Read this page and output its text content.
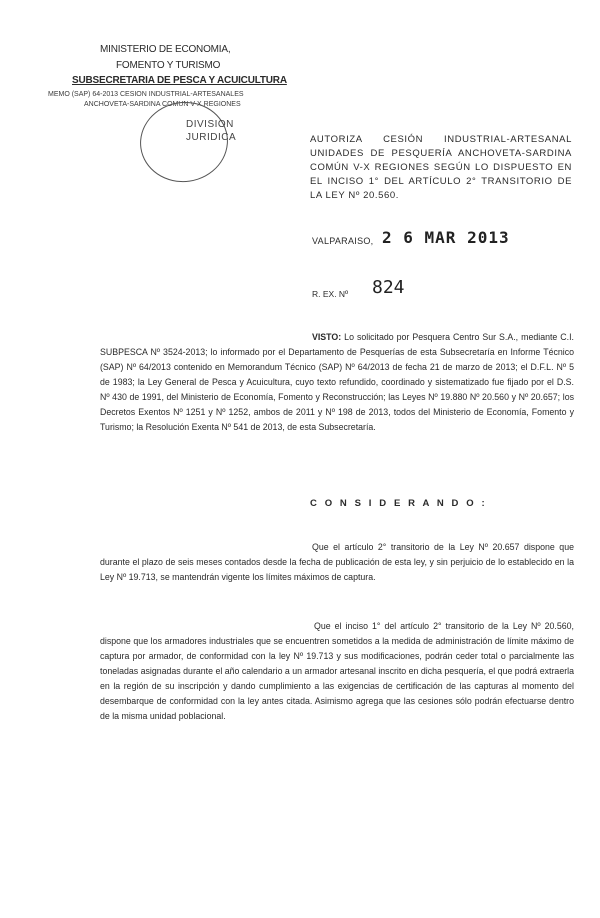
MINISTERIO DE ECONOMIA,
FOMENTO Y TURISMO
SUBSECRETARIA DE PESCA Y ACUICULTURA
MEMO (SAP) 64-2013 CESION INDUSTRIAL-ARTESANALES
ANCHOVETA-SARDINA COMUN V-X REGIONES
DIVISION
JURIDICA	AUTORIZA CESIÓN INDUSTRIAL-ARTESANAL UNIDADES DE PESQUERÍA ANCHOVETA-SARDINA COMÚN V-X REGIONES SEGÚN LO DISPUESTO EN EL INCISO 1° DEL ARTÍCULO 2° TRANSITORIO DE LA LEY Nº 20.560.
VALPARAISO, 2 6 MAR 2013
R. EX. Nº 824
VISTO: Lo solicitado por Pesquera Centro Sur S.A., mediante C.I. SUBPESCA Nº 3524-2013; lo informado por el Departamento de Pesquerías de esta Subsecretaría en Informe Técnico (SAP) Nº 64/2013 contenido en Memorandum Técnico (SAP) Nº 64/2013 de fecha 21 de marzo de 2013; el D.F.L. Nº 5 de 1983; la Ley General de Pesca y Acuicultura, cuyo texto refundido, coordinado y sistematizado fue fijado por el D.S. Nº 430 de 1991, del Ministerio de Economía, Fomento y Reconstrucción; las Leyes Nº 19.880 Nº 20.560 y Nº 20.657; los Decretos Exentos Nº 1251 y Nº 1252, ambos de 2011 y Nº 198 de 2013, todos del Ministerio de Economía, Fomento y Turismo; la Resolución Exenta Nº 541 de 2013, de esta Subsecretaría.
C O N S I D E R A N D O :
Que el artículo 2° transitorio de la Ley Nº 20.657 dispone que durante el plazo de seis meses contados desde la fecha de publicación de esta ley, y sin perjuicio de lo establecido en la Ley Nº 19.713, se mantendrán vigente los límites máximos de captura.
Que el inciso 1° del artículo 2° transitorio de la Ley Nº 20.560, dispone que los armadores industriales que se encuentren sometidos a la medida de administración de límite máximo de captura por armador, de conformidad con la ley Nº 19.713 y sus modificaciones, podrán ceder total o parcialmente las toneladas asignadas durante el año calendario a un armador artesanal inscrito en dicha pesquería, el que podrá extraerla en la región de su inscripción y dando cumplimiento a las exigencias de certificación de las capturas al momento del desembarque de conformidad con la ley antes citada. Asimismo agrega que las cesiones sólo podrán efectuarse dentro de la misma unidad poblacional.
